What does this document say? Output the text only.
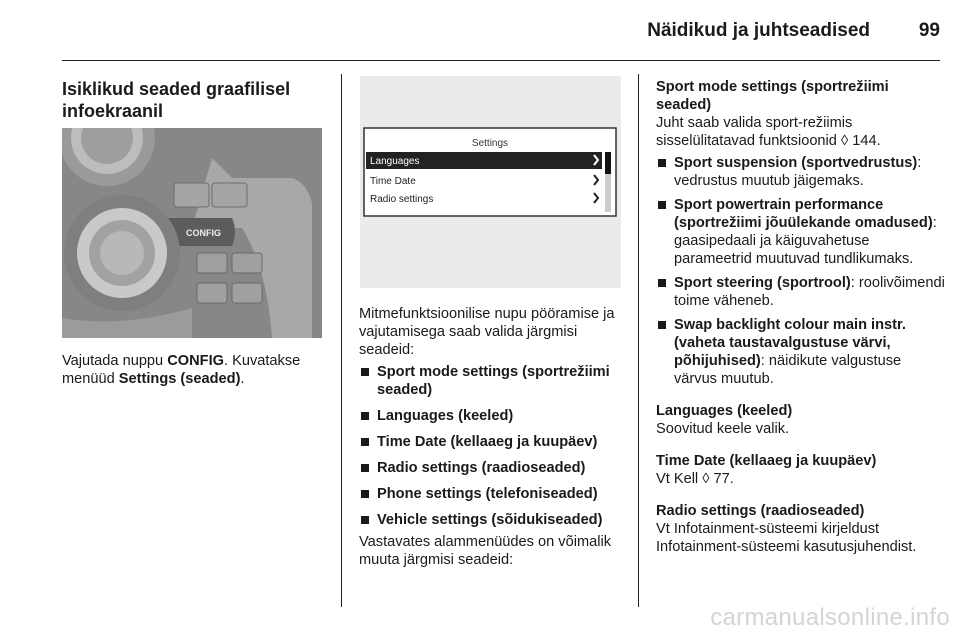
Näidikud ja juhtseadised	99
Isiklikud seaded graafilisel infoekraanil
CONFIG

Vajutada nuppu CONFIG. Kuvatakse menüüd Settings (seaded).

Settings
Languages
Time Date
Radio settings

Mitmefunktsioonilise nupu pööramise ja vajutamisega saab valida järgmisi seadeid:

Sport mode settings (sportrežiimi seaded)
Languages (keeled)
Time Date (kellaaeg ja kuupäev)
Radio settings (raadioseaded)
Phone settings (telefoniseaded)
Vehicle settings (sõidukiseaded)

Vastavates alammenüüdes on võimalik muuta järgmisi seadeid:

Sport mode settings (sportrežiimi seaded)

Juht saab valida sport-režiimis sisselülitatavad funktsioonid ◊ 144.

Sport suspension (sportvedrustus): vedrustus muutub jäigemaks.
Sport powertrain performance (sportrežiimi jõuülekande omadused): gaasipedaali ja käiguvahetuse parameetrid muutuvad tundlikumaks.
Sport steering (sportrool): roolivõimendi toime väheneb.
Swap backlight colour main instr. (vaheta taustavalgustuse värvi, põhijuhised): näidikute valgustuse värvus muutub.

Languages (keeled)

Soovitud keele valik.

Time Date (kellaaeg ja kuupäev)

Vt Kell ◊ 77.

Radio settings (raadioseaded)

Vt Infotainment-süsteemi kirjeldust Infotainment-süsteemi kasutusjuhendist.

carmanualsonline.info
